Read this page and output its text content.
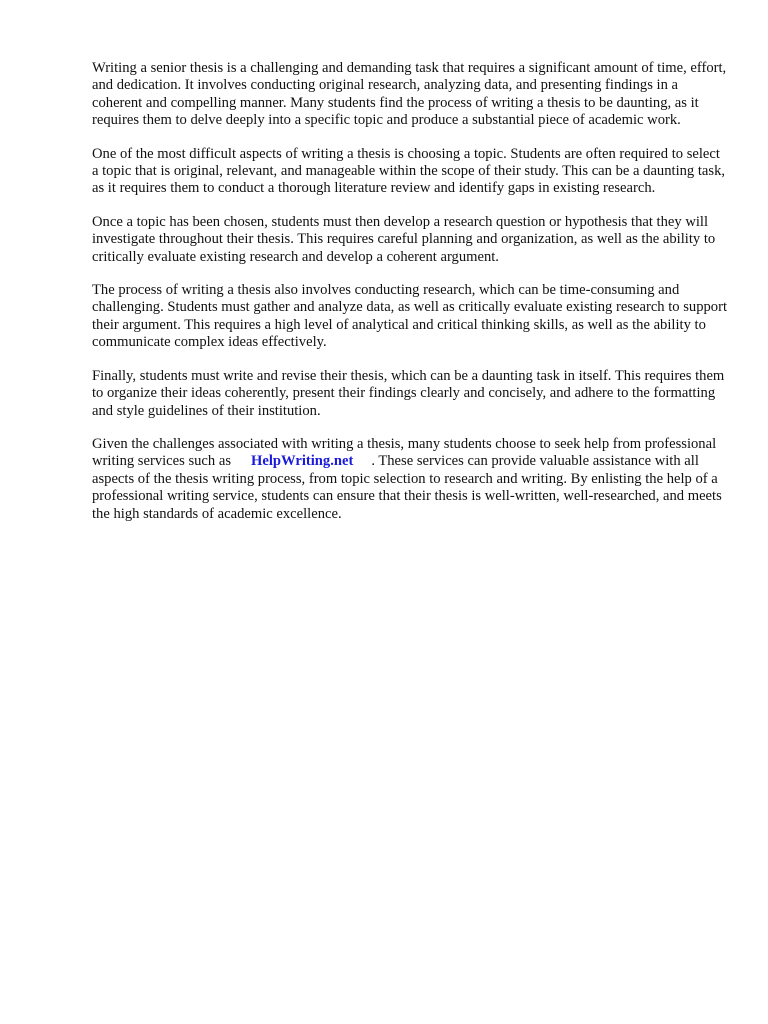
Writing a senior thesis is a challenging and demanding task that requires a significant amount of time, effort, and dedication. It involves conducting original research, analyzing data, and presenting findings in a coherent and compelling manner. Many students find the process of writing a thesis to be daunting, as it requires them to delve deeply into a specific topic and produce a substantial piece of academic work.

One of the most difficult aspects of writing a thesis is choosing a topic. Students are often required to select a topic that is original, relevant, and manageable within the scope of their study. This can be a daunting task, as it requires them to conduct a thorough literature review and identify gaps in existing research.

Once a topic has been chosen, students must then develop a research question or hypothesis that they will investigate throughout their thesis. This requires careful planning and organization, as well as the ability to critically evaluate existing research and develop a coherent argument.

The process of writing a thesis also involves conducting research, which can be time-consuming and challenging. Students must gather and analyze data, as well as critically evaluate existing research to support their argument. This requires a high level of analytical and critical thinking skills, as well as the ability to communicate complex ideas effectively.

Finally, students must write and revise their thesis, which can be a daunting task in itself. This requires them to organize their ideas coherently, present their findings clearly and concisely, and adhere to the formatting and style guidelines of their institution.

Given the challenges associated with writing a thesis, many students choose to seek help from professional writing services such as HelpWriting.net . These services can provide valuable assistance with all aspects of the thesis writing process, from topic selection to research and writing. By enlisting the help of a professional writing service, students can ensure that their thesis is well-written, well-researched, and meets the high standards of academic excellence.
